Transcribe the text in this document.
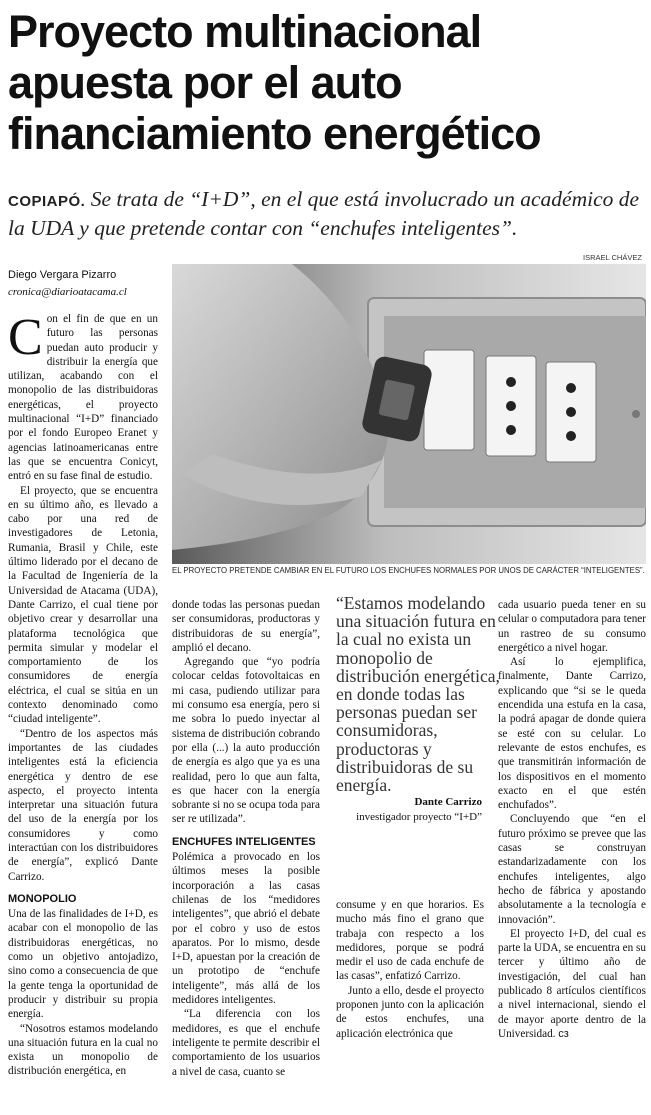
Proyecto multinacional
apuesta por el auto
financiamiento energético

COPIAPÓ. Se trata de “I+D”, en el que está involucrado un académico de la UDA y que pretende contar con “enchufes inteligentes”.

ISRAEL CHÁVEZ
Diego Vergara Pizarro
cronica@diarioatacama.cl
EL PROYECTO PRETENDE CAMBIAR EN EL FUTURO LOS ENCHUFES NORMALES POR UNOS DE CARÁCTER “INTELIGENTES”.

Con el fin de que en un futuro las personas puedan auto producir y distribuir la energía que utilizan, acabando con el monopolio de las distribuidoras energéticas, el proyecto multinacional “I+D” financiado por el fondo Europeo Eranet y agencias latinoamericanas entre las que se encuentra Conicyt, entró en su fase final de estudio.

El proyecto, que se encuentra en su último año, es llevado a cabo por una red de investigadores de Letonia, Rumania, Brasil y Chile, este último liderado por el decano de la Facultad de Ingeniería de la Universidad de Atacama (UDA), Dante Carrizo, el cual tiene por objetivo crear y desarrollar una plataforma tecnológica que permita simular y modelar el comportamiento de los consumidores de energía eléctrica, el cual se sitúa en un contexto denominado como “ciudad inteligente”.

“Dentro de los aspectos más importantes de las ciudades inteligentes está la eficiencia energética y dentro de ese aspecto, el proyecto intenta interpretar una situación futura del uso de la energía por los consumidores y como interactúan con los distribuidores de energía”, explicó Dante Carrizo.

MONOPOLIO

Una de las finalidades de I+D, es acabar con el monopolio de las distribuidoras energéticas, no como un objetivo antojadizo, sino como a consecuencia de que la gente tenga la oportunidad de producir y distribuir su propia energía.

“Nosotros estamos modelando una situación futura en la cual no exista un monopolio de distribución energética, en

donde todas las personas puedan ser consumidoras, productoras y distribuidoras de su energía”, amplió el decano.

Agregando que “yo podría colocar celdas fotovoltaicas en mi casa, pudiendo utilizar para mi consumo esa energía, pero si me sobra lo puedo inyectar al sistema de distribución cobrando por ella (...) la auto producción de energía es algo que ya es una realidad, pero lo que aun falta, es que hacer con la energía sobrante si no se ocupa toda para ser re utilizada”.

ENCHUFES INTELIGENTES

Polémica a provocado en los últimos meses la posible incorporación a las casas chilenas de los “medidores inteligentes”, que abrió el debate por el cobro y uso de estos aparatos. Por lo mismo, desde I+D, apuestan por la creación de un prototipo de “enchufe inteligente”, más allá de los medidores inteligentes.

“La diferencia con los medidores, es que el enchufe inteligente te permite describir el comportamiento de los usuarios a nivel de casa, cuanto se

“Estamos modelando una situación futura en la cual no exista un monopolio de distribución energética, en donde todas las personas puedan ser consumidoras, productoras y distribuidoras de su energía.
Dante Carrizo
investigador proyecto “I+D”

consume y en que horarios. Es mucho más fino el grano que trabaja con respecto a los medidores, porque se podrá medir el uso de cada enchufe de las casas”, enfatizó Carrizo.

Junto a ello, desde el proyecto proponen junto con la aplicación de estos enchufes, una aplicación electrónica que

cada usuario pueda tener en su celular o computadora para tener un rastreo de su consumo energético a nivel hogar.

Así lo ejemplifica, finalmente, Dante Carrizo, explicando que “si se le queda encendida una estufa en la casa, la podrá apagar de donde quiera se esté con su celular. Lo relevante de estos enchufes, es que transmitirán información de los dispositivos en el momento exacto en el que estén enchufados”.

Concluyendo que “en el futuro próximo se prevee que las casas se construyan estandarizadamente con los enchufes inteligentes, algo hecho de fábrica y apostando absolutamente a la tecnología e innovación”.

El proyecto I+D, del cual es parte la UDA, se encuentra en su tercer y último año de investigación, del cual han publicado 8 artículos científicos a nivel internacional, siendo el de mayor aporte dentro de la Universidad. cз
